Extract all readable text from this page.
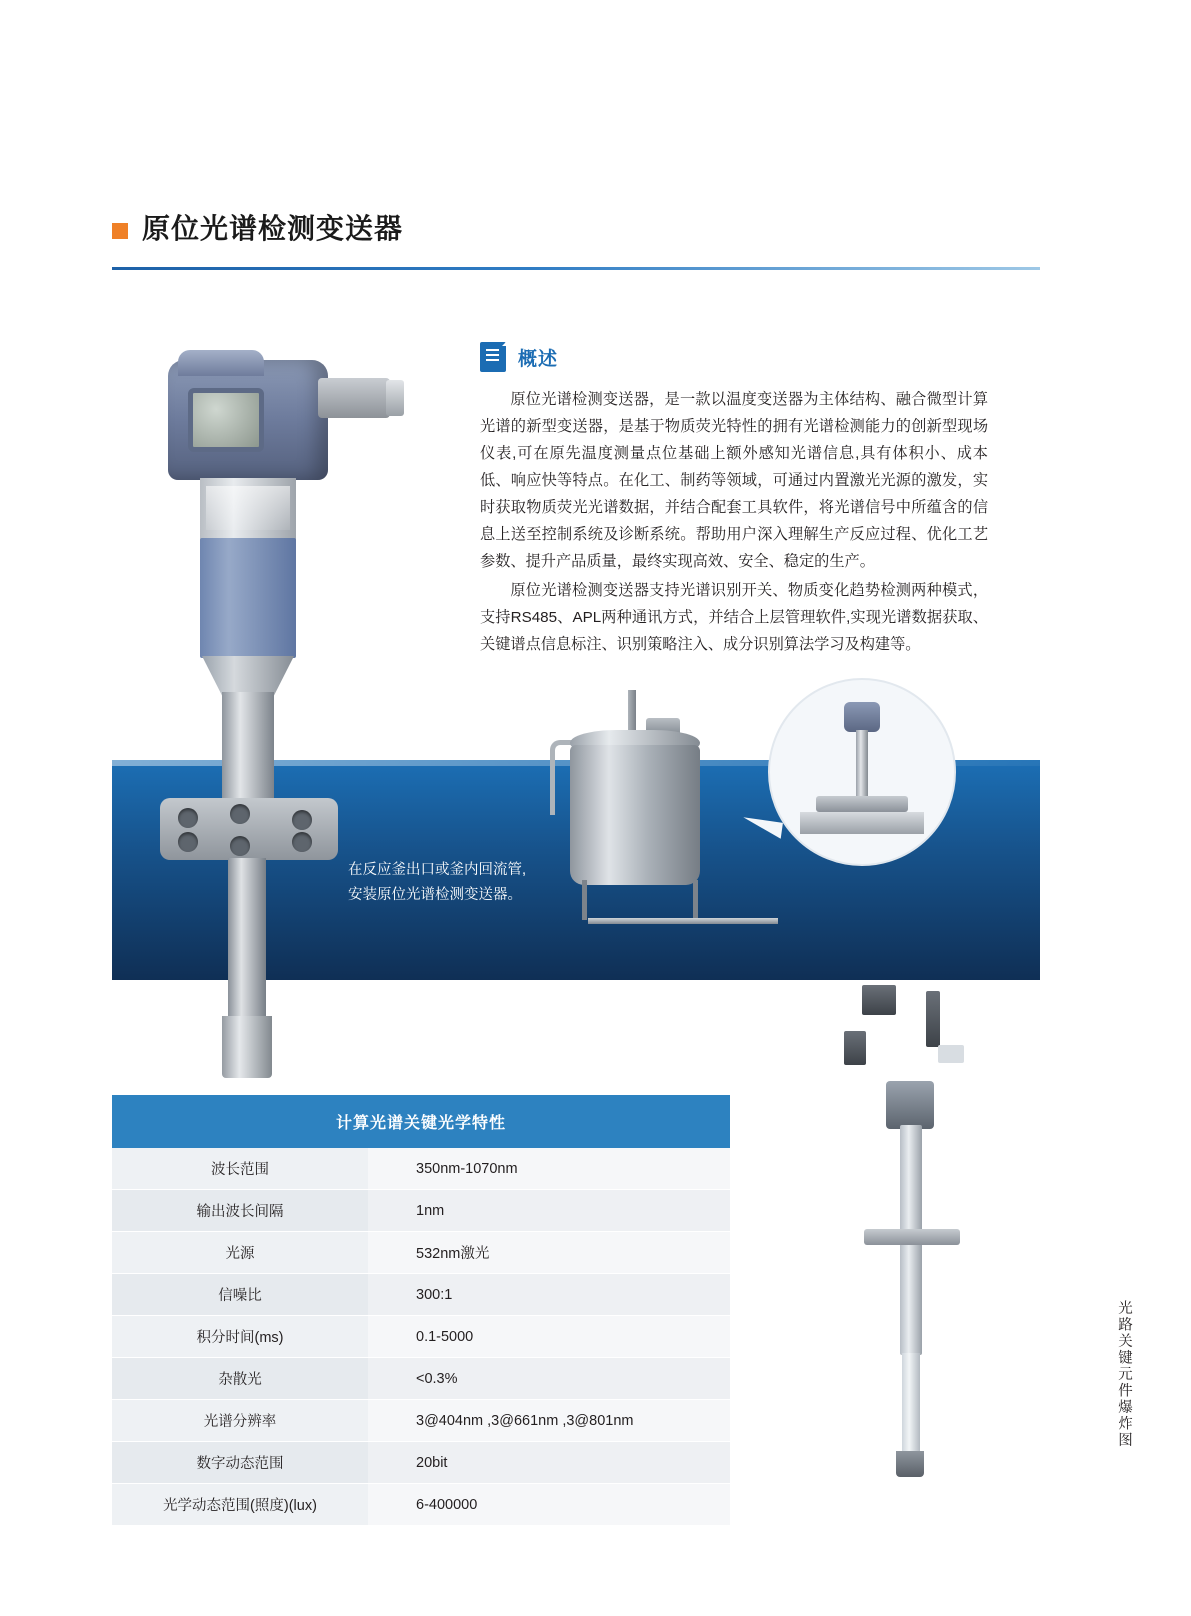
原位光谱检测变送器
在反应釜出口或釜内回流管,
安装原位光谱检测变送器。
概述

原位光谱检测变送器，是一款以温度变送器为主体结构、融合微型计算光谱的新型变送器，是基于物质荧光特性的拥有光谱检测能力的创新型现场仪表,可在原先温度测量点位基础上额外感知光谱信息,具有体积小、成本低、响应快等特点。在化工、制药等领域，可通过内置激光光源的激发，实时获取物质荧光光谱数据，并结合配套工具软件，将光谱信号中所蕴含的信息上送至控制系统及诊断系统。帮助用户深入理解生产反应过程、优化工艺参数、提升产品质量，最终实现高效、安全、稳定的生产。

原位光谱检测变送器支持光谱识别开关、物质变化趋势检测两种模式，支持RS485、APL两种通讯方式，并结合上层管理软件,实现光谱数据获取、关键谱点信息标注、识别策略注入、成分识别算法学习及构建等。

计算光谱关键光学特性	
波长范围	350nm-1070nm
输出波长间隔	1nm
光源	532nm激光
信噪比	300:1
积分时间(ms)	0.1-5000
杂散光	<0.3%
光谱分辨率	3@404nm ,3@661nm ,3@801nm
数字动态范围	20bit
光学动态范围(照度)(lux)	6-400000
光路关键元件爆炸图
